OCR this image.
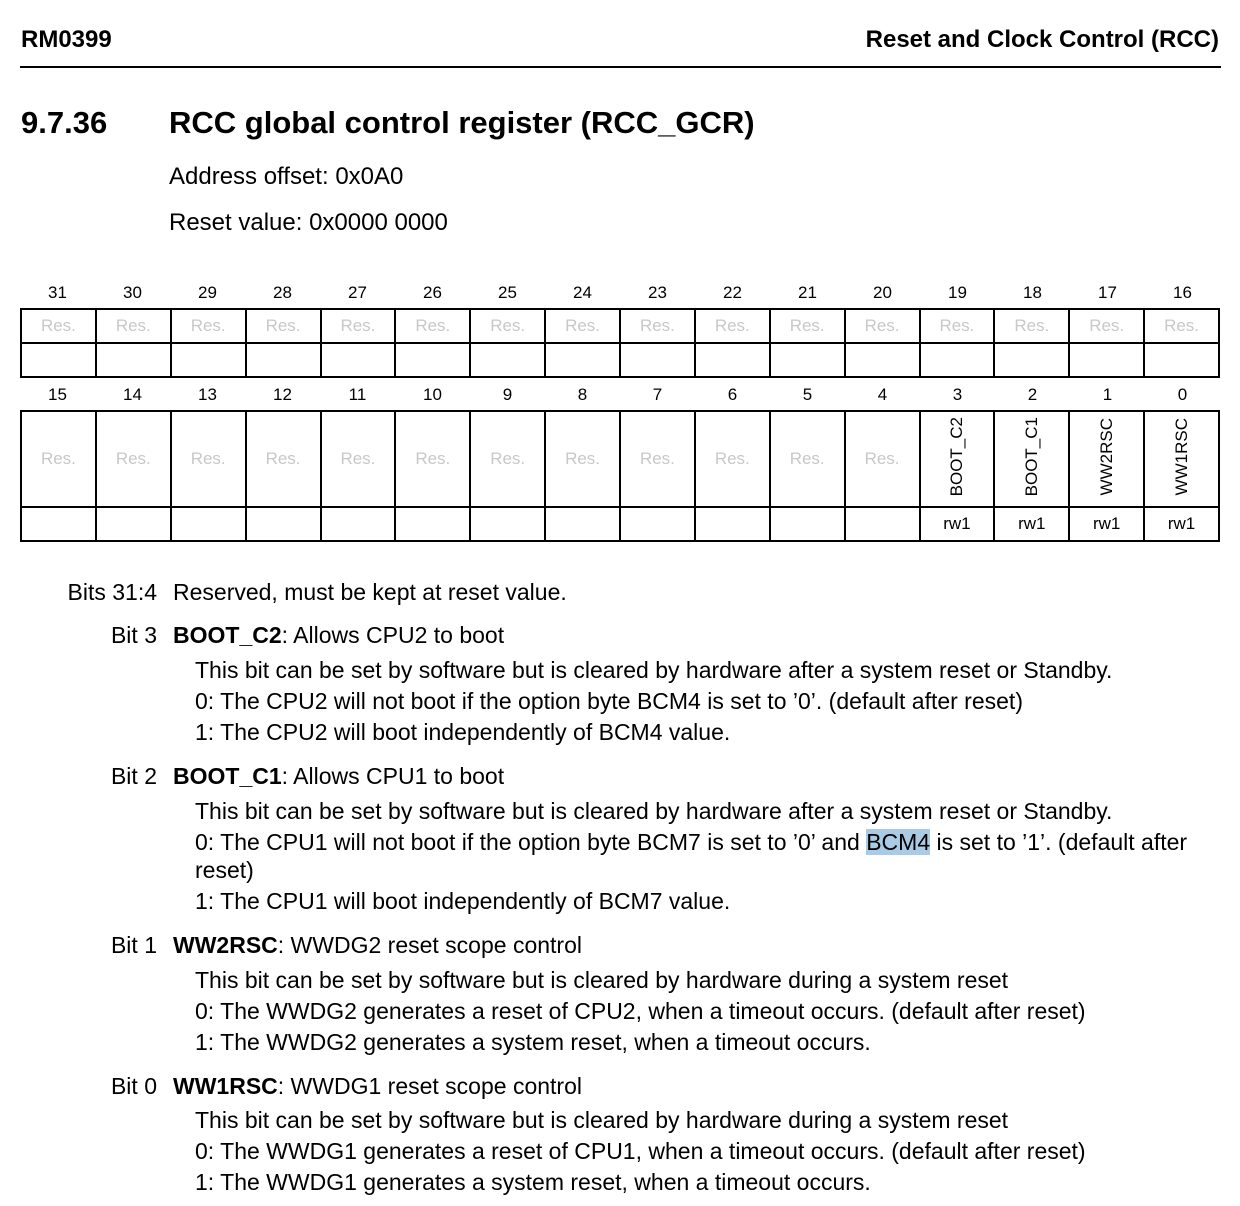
RM0399	Reset and Clock Control (RCC)
9.7.36 RCC global control register (RCC_GCR)
Address offset: 0x0A0
Reset value: 0x0000 0000
31	30	29	28	27	26	25	24	23	22	21	20	19	18	17	16
Res.	Res.	Res.	Res.	Res.	Res.	Res.	Res.	Res.	Res.	Res.	Res.	Res.	Res.	Res.	Res.

15	14	13	12	11	10	9	8	7	6	5	4	3	2	1	0
Res.	Res.	Res.	Res.	Res.	Res.	Res.	Res.	Res.	Res.	Res.	Res.	BOOT_C2	BOOT_C1	WW2RSC	WW1RSC
												rw1	rw1	rw1	rw1
Bits 31:4 Reserved, must be kept at reset value.
Bit 3 BOOT_C2: Allows CPU2 to boot
This bit can be set by software but is cleared by hardware after a system reset or Standby.
0: The CPU2 will not boot if the option byte BCM4 is set to ’0’. (default after reset)
1: The CPU2 will boot independently of BCM4 value.
Bit 2 BOOT_C1: Allows CPU1 to boot
This bit can be set by software but is cleared by hardware after a system reset or Standby.
0: The CPU1 will not boot if the option byte BCM7 is set to ’0’ and BCM4 is set to ’1’. (default after
reset)
1: The CPU1 will boot independently of BCM7 value.
Bit 1 WW2RSC: WWDG2 reset scope control
This bit can be set by software but is cleared by hardware during a system reset
0: The WWDG2 generates a reset of CPU2, when a timeout occurs. (default after reset)
1: The WWDG2 generates a system reset, when a timeout occurs.
Bit 0 WW1RSC: WWDG1 reset scope control
This bit can be set by software but is cleared by hardware during a system reset
0: The WWDG1 generates a reset of CPU1, when a timeout occurs. (default after reset)
1: The WWDG1 generates a system reset, when a timeout occurs.
